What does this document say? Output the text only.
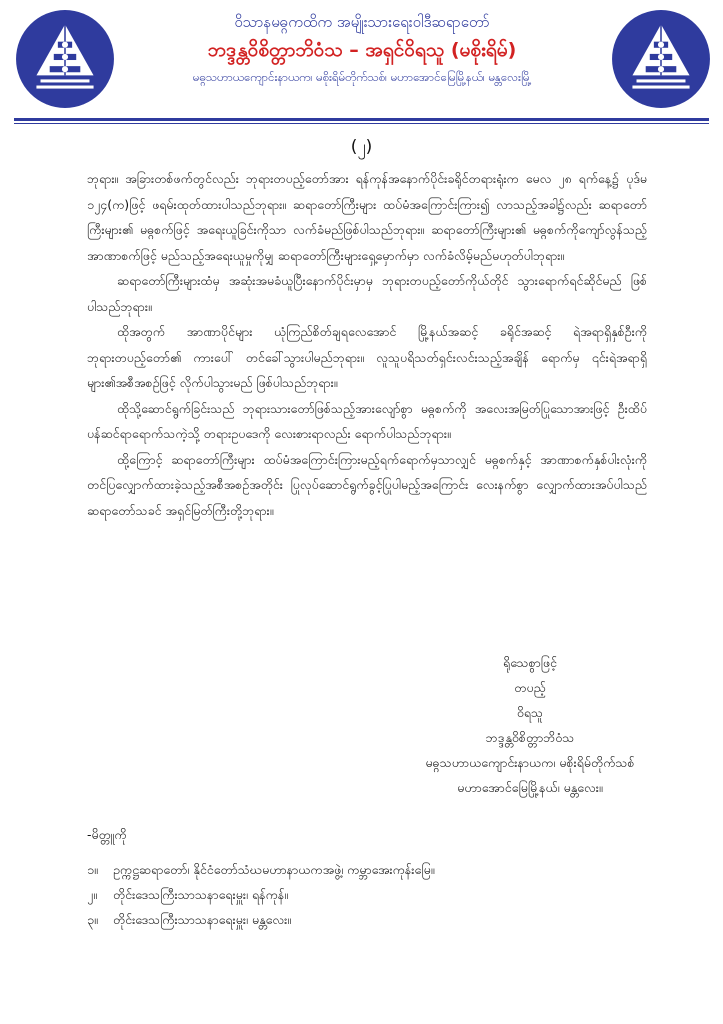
ဝိသာနမဓ္ဂကထိက အမျိုးသားရေးဝါဒီဆရာတော်
ဘဒ္ဒန္တဝိစိတ္တာဘိဝံသ – အရှင်ဝိရသူ (မစိုးရိမ်)
မဓ္ဂသဟာယကျောင်းနာယက၊ မစိုးရိမ်တိုက်သစ်၊ မဟာအောင်မြေမြို့နယ်၊ မန္တလေးမြို့
(၂)

ဘုရား။ အခြားတစ်ဖက်တွင်လည်း ဘုရားတပည့်တော်အား ရန်ကုန်အနောက်ပိုင်းခရိုင်တရားရုံးက မေလ ၂၈ ရက်နေ့၌ ပုဒ်မ ၁၂၄(က)ဖြင့် ဖရမ်းထုတ်ထားပါသည်ဘုရား။ ဆရာတော်ကြီးများ ထပ်မံအကြောင်းကြား၍ လာသည့်အခါ၌လည်း ဆရာတော်ကြီးများ၏ မဓ္ဂစက်ဖြင့် အရေးယူခြင်းကိုသာ လက်ခံမည်ဖြစ်ပါသည်ဘုရား။ ဆရာတော်ကြီးများ၏ မဓ္ဂစက်ကိုကျော်လွန်သည့် အာဏာစက်ဖြင့် မည်သည့်အရေးယူမှုကိုမျှ ဆရာတော်ကြီးများရှေ့မှောက်မှာ လက်ခံလိမ့်မည်မဟုတ်ပါဘုရား။

ဆရာတော်ကြီးများထံမှ အဆုံးအမခံယူပြီးနောက်ပိုင်းမှာမှ ဘုရားတပည့်တော်ကိုယ်တိုင် သွားရောက်ရင်ဆိုင်မည် ဖြစ်ပါသည်ဘုရား။

ထိုအတွက် အာဏာပိုင်များ ယုံကြည်စိတ်ချရလေအောင် မြို့နယ်အဆင့် ခရိုင်အဆင့် ရဲအရာရှိနှစ်ဦးကို ဘုရားတပည့်တော်၏ ကားပေါ် တင်ခေါ်သွားပါမည်ဘုရား။ လူသူပရိသတ်ရှင်းလင်းသည့်အချိန် ရောက်မှ ၎င်းရဲအရာရှိများ၏အစီအစဉ်ဖြင့် လိုက်ပါသွားမည် ဖြစ်ပါသည်ဘုရား။

ထိုသို့ဆောင်ရွက်ခြင်းသည် ဘုရားသားတော်ဖြစ်သည့်အားလျော်စွာ မဓ္ဂစက်ကို အလေးအမြတ်ပြုသောအားဖြင့် ဦးထိပ်ပန်ဆင်ရာရောက်သကဲ့သို့ တရားဥပဒေကို လေးစားရာလည်း ရောက်ပါသည်ဘုရား။

ထို့ကြောင့် ဆရာတော်ကြီးများ ထပ်မံအကြောင်းကြားမည့်ရက်ရောက်မှသာလျှင် မဓ္ဂစက်နှင့် အာဏာစက်နှစ်ပါးလုံးကို တင်ပြလျှောက်ထားခဲ့သည့်အစီအစဉ်အတိုင်း ပြုလုပ်ဆောင်ရွက်ခွင့်ပြုပါမည့်အကြောင်း လေးနက်စွာ လျှောက်ထားအပ်ပါသည် ဆရာတော်သခင် အရှင်မြတ်ကြီးတို့ဘုရား။

ရိုသေစွာဖြင့်
တပည့်
ဝိရသူ
ဘဒ္ဒန္တဝိစိတ္တာဘိဝံသ
မဓ္ဂသဟာယကျောင်းနာယက၊ မစိုးရိမ်တိုက်သစ်
မဟာအောင်မြေမြို့နယ်၊ မန္တလေး။
-မိတ္တူကို
၁။ ဥက္ကဋ္ဌဆရာတော်၊ နိုင်ငံတော်သံဃမဟာနာယကအဖွဲ့၊ ကမ္ဘာအေးကုန်းမြေ။
၂။ တိုင်းဒေသကြီးသာသနာရေးမှူး၊ ရန်ကုန်။
၃။ တိုင်းဒေသကြီးသာသနာရေးမှူး၊ မန္တလေး။
